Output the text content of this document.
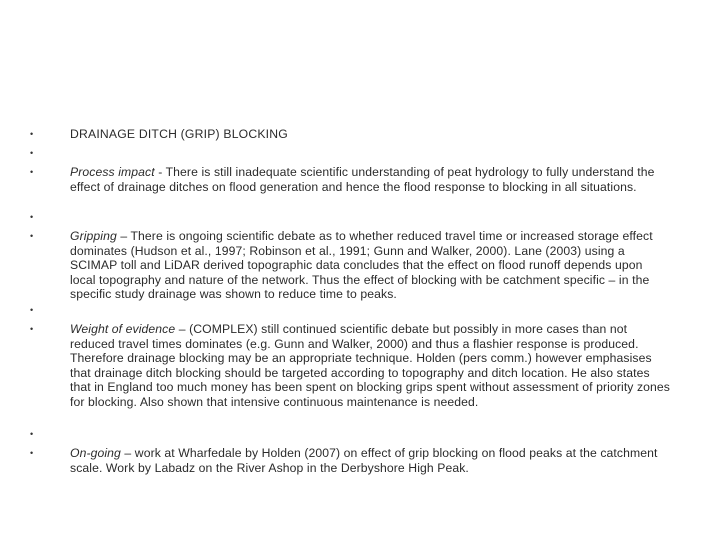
•	DRAINAGE DITCH (GRIP) BLOCKING
•
•	Process impact - There is still inadequate scientific understanding of peat hydrology to fully understand the effect of drainage ditches on flood generation and hence the flood response to blocking in all situations.
•
•	Gripping – There is ongoing scientific debate as to whether reduced travel time or increased storage effect dominates (Hudson et al., 1997; Robinson et al., 1991; Gunn and Walker, 2000). Lane (2003) using a SCIMAP toll and LiDAR derived topographic data concludes that the effect on flood runoff depends upon local topography and nature of the network. Thus the effect of blocking with be catchment specific – in the specific study drainage was shown to reduce time to peaks.
•
•	Weight of evidence – (COMPLEX) still continued scientific debate but possibly in more cases than not reduced travel times dominates (e.g. Gunn and Walker, 2000) and thus a flashier response is produced. Therefore drainage blocking may be an appropriate technique. Holden (pers comm.) however emphasises that drainage ditch blocking should be targeted according to topography and ditch location. He also states that in England too much money has been spent on blocking grips spent without assessment of priority zones for blocking. Also shown that intensive continuous maintenance is needed.
•
•	On-going – work at Wharfedale by Holden (2007) on effect of grip blocking on flood peaks at the catchment scale. Work by Labadz on the River Ashop in the Derbyshore High Peak.
